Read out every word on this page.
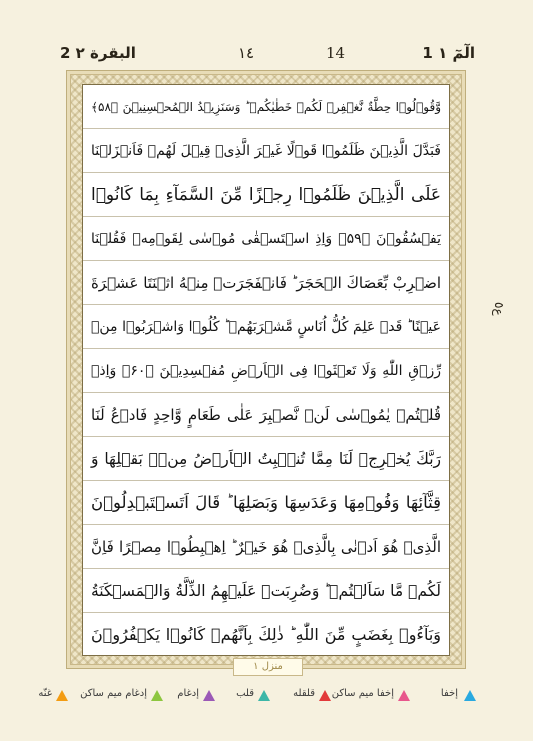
2 البقرة ٢	١٤	14	1 الٓمٓ ١
وَّقُوۡلُوۡا حِطَّةٌ نَّغۡفِرۡ لَكُمۡ خَطٰيٰكُمۡ ؕ وَسَنَزِيۡدُ الۡمُحۡسِنِيۡنَ ﴿۵۸﴾
فَبَدَّلَ الَّذِيۡنَ ظَلَمُوۡا قَوۡلًا غَيۡرَ الَّذِىۡ قِيۡلَ لَهُمۡ فَاَنۡزَلۡنَا
عَلَى الَّذِيۡنَ ظَلَمُوۡا رِجۡزًا مِّنَ السَّمَآءِ بِمَا كَانُوۡا
يَفۡسُقُوۡنَ ﴿۵۹﴾ وَاِذِ اسۡتَسۡقٰى مُوۡسٰى لِقَوۡمِهٖ فَقُلۡنَا
اضۡرِبْ بِّعَصَاكَ الۡحَجَرَ ؕ فَانۡفَجَرَتۡ مِنۡهُ اثۡنَتَا عَشۡرَةَ
عَيۡنًا ؕ قَدۡ عَلِمَ كُلُّ اُنَاسٍ مَّشۡرَبَهُمۡ ؕ كُلُوۡا وَاشۡرَبُوۡا مِنۡ
رِّزۡقِ اللّٰهِ وَلَا تَعۡثَوۡا فِى الۡاَرۡضِ مُفۡسِدِيۡنَ ﴿۶۰﴾ وَاِذۡ
قُلۡتُمۡ يٰمُوۡسٰى لَنۡ نَّصۡبِرَ عَلٰى طَعَامٍ وَّاحِدٍ فَادۡعُ لَنَا
رَبَّكَ يُخۡرِجۡ لَنَا مِمَّا تُنۡۢبِتُ الۡاَرۡضُ مِنۡۢ بَقۡلِهَا وَ
قِثَّآئِهَا وَفُوۡمِهَا وَعَدَسِهَا وَبَصَلِهَا ؕ قَالَ اَتَسۡتَبۡدِلُوۡنَ
الَّذِىۡ هُوَ اَدۡنٰى بِالَّذِىۡ هُوَ خَيۡرٌ ؕ اِهۡبِطُوۡا مِصۡرًا فَاِنَّ
لَكُمۡ مَّا سَاَلۡتُمۡ ؕ وَضُرِبَتۡ عَلَيۡهِمُ الذِّلَّةُ وَالۡمَسۡكَنَةُ
وَبَآءُوۡ بِغَضَبٍ مِّنَ اللّٰهِ ؕ ذٰلِكَ بِاَنَّهُمۡ كَانُوۡا يَكۡفُرُوۡنَ
منزل ١
ع٥
إخفا
إخفا ميم ساكن
قلقله
قلب
إدغام
إدغام ميم ساكن
غنّه
